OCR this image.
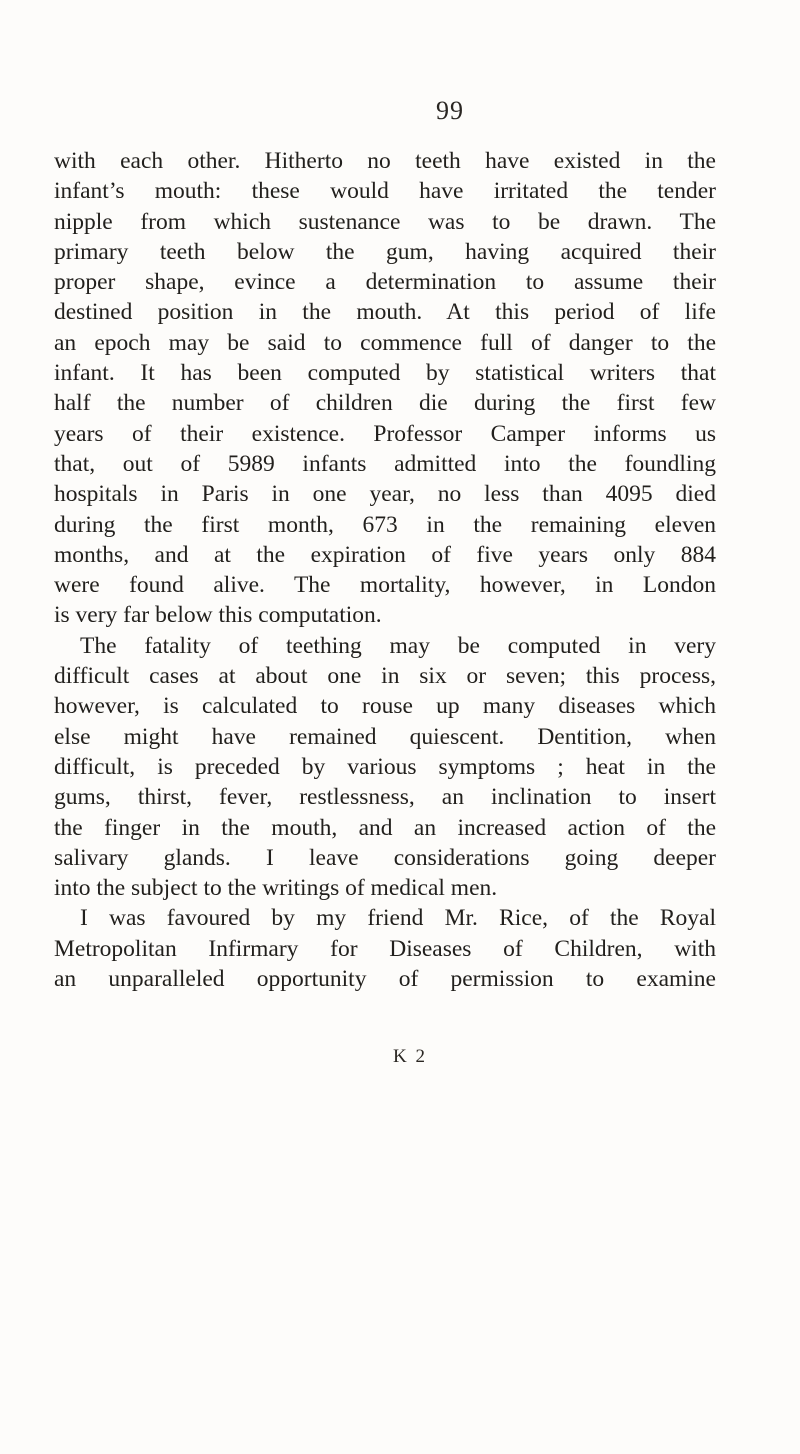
99
with each other. Hitherto no teeth have existed in the
infant’s mouth: these would have irritated the tender
nipple from which sustenance was to be drawn. The
primary teeth below the gum, having acquired their
proper shape, evince a determination to assume their
destined position in the mouth. At this period of life
an epoch may be said to commence full of danger to the
infant. It has been computed by statistical writers that
half the number of children die during the first few
years of their existence. Professor Camper informs us
that, out of 5989 infants admitted into the foundling
hospitals in Paris in one year, no less than 4095 died
during the first month, 673 in the remaining eleven
months, and at the expiration of five years only 884
were found alive. The mortality, however, in London
is very far below this computation.
The fatality of teething may be computed in very
difficult cases at about one in six or seven; this process,
however, is calculated to rouse up many diseases which
else might have remained quiescent. Dentition, when
difficult, is preceded by various symptoms ; heat in the
gums, thirst, fever, restlessness, an inclination to insert
the finger in the mouth, and an increased action of the
salivary glands. I leave considerations going deeper
into the subject to the writings of medical men.
I was favoured by my friend Mr. Rice, of the Royal
Metropolitan Infirmary for Diseases of Children, with
an unparalleled opportunity of permission to examine
K 2
